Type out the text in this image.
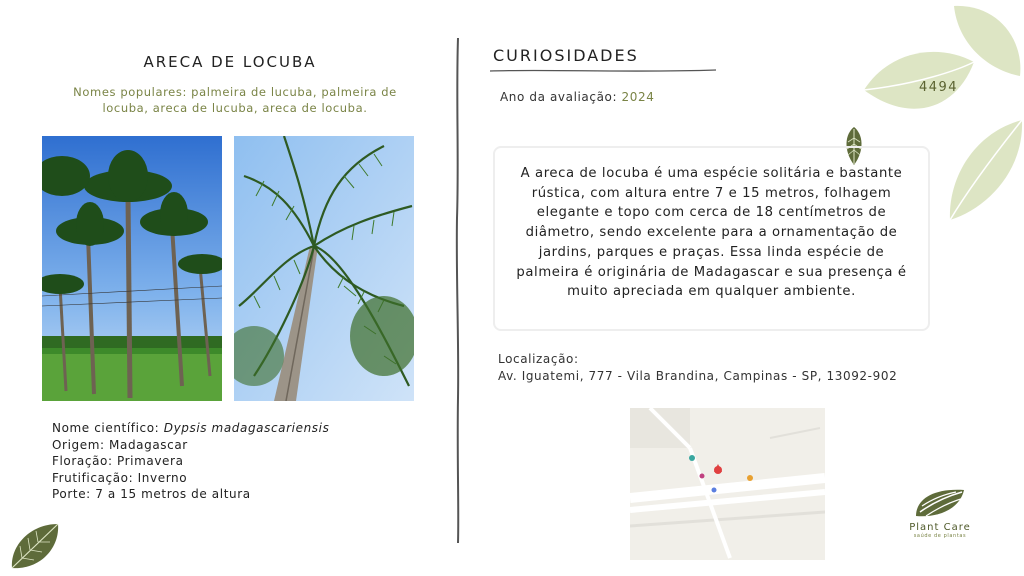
4494
ARECA DE LOCUBA
Nomes populares: palmeira de lucuba, palmeira de locuba, areca de lucuba, areca de locuba.
Nome científico: Dypsis madagascariensis
Origem: Madagascar
Floração: Primavera
Frutificação: Inverno
Porte: 7 a 15 metros de altura
CURIOSIDADES
Ano da avaliação: 2024
A areca de locuba é uma espécie solitária e bastante rústica, com altura entre 7 e 15 metros, folhagem elegante e topo com cerca de 18 centímetros de diâmetro, sendo excelente para a ornamentação de jardins, parques e praças. Essa linda espécie de palmeira é originária de Madagascar e sua presença é muito apreciada em qualquer ambiente.
Localização:
Av. Iguatemi, 777 - Vila Brandina, Campinas - SP, 13092-902
Plant Care
saúde de plantas
